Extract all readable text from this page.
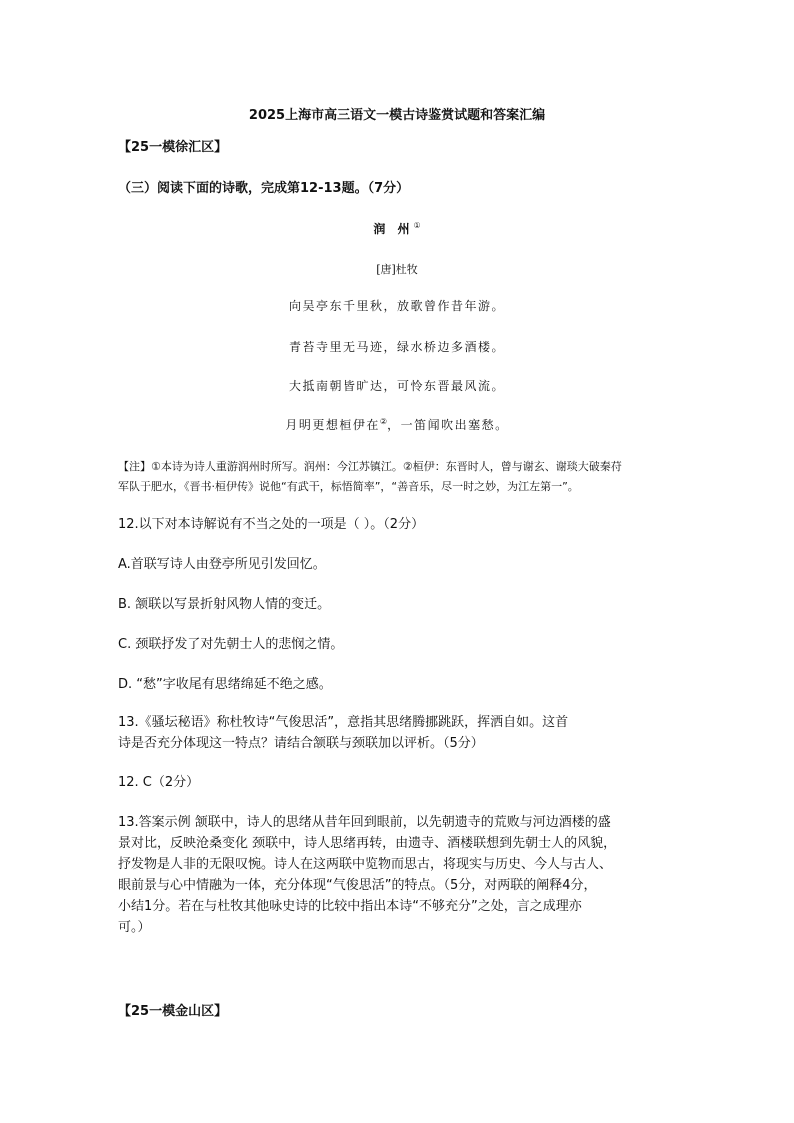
2025上海市高三语文一模古诗鉴赏试题和答案汇编
【25一模徐汇区】
（三）阅读下面的诗歌，完成第12-13题。（7分）
润 州①
[唐]杜牧
向吴亭东千里秋，放歌曾作昔年游。
青苔寺里无马迹，绿水桥边多酒楼。
大抵南朝皆旷达，可怜东晋最风流。
月明更想桓伊在②，一笛闻吹出塞愁。
【注】①本诗为诗人重游润州时所写。润州：今江苏镇江。②桓伊：东晋时人，曾与谢玄、谢琰大破秦苻
军队于肥水，《晋书·桓伊传》说他“有武干，标悟简率”，“善音乐，尽一时之妙，为江左第一”。
12.以下对本诗解说有不当之处的一项是（ ）。（2分）
A.首联写诗人由登亭所见引发回忆。
B. 颔联以写景折射风物人情的变迁。
C. 颈联抒发了对先朝士人的悲悯之情。
D. “愁”字收尾有思绪绵延不绝之感。
13.《骚坛秘语》称杜牧诗“气俊思活”，意指其思绪腾挪跳跃，挥洒自如。这首
诗是否充分体现这一特点？请结合颔联与颈联加以评析。（5分）
12. C（2分）
13.答案示例 颔联中，诗人的思绪从昔年回到眼前，以先朝遗寺的荒败与河边酒楼的盛
景对比，反映沧桑变化 颈联中，诗人思绪再转，由遗寺、酒楼联想到先朝士人的风貌，
抒发物是人非的无限叹惋。诗人在这两联中览物而思古，将现实与历史、今人与古人、
眼前景与心中情融为一体，充分体现“气俊思活”的特点。（5分，对两联的阐释4分，
小结1分。若在与杜牧其他咏史诗的比较中指出本诗“不够充分”之处，言之成理亦
可。）
【25一模金山区】
